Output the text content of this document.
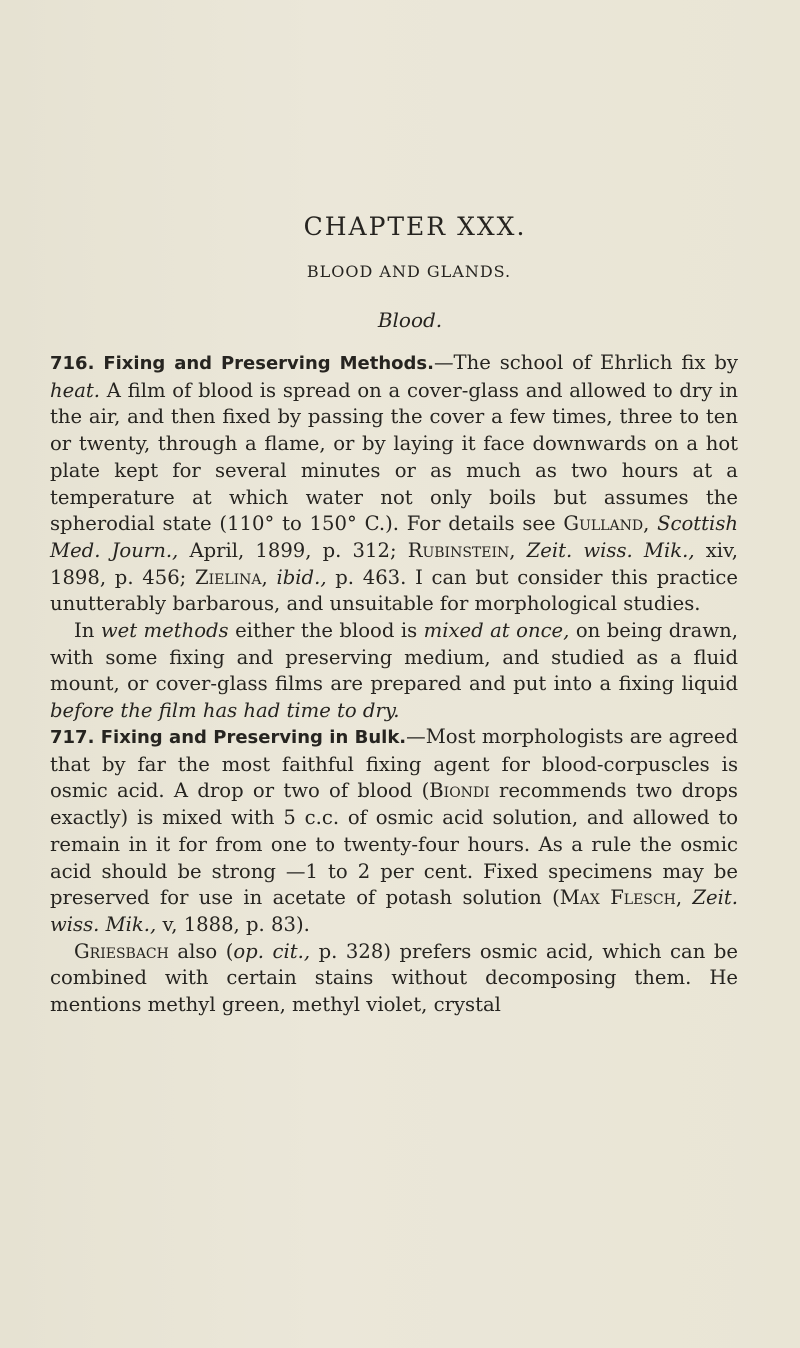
CHAPTER XXX.
BLOOD AND GLANDS.
Blood.

716. Fixing and Preserving Methods.—The school of Ehrlich fix by heat. A film of blood is spread on a cover-glass and allowed to dry in the air, and then fixed by passing the cover a few times, three to ten or twenty, through a flame, or by laying it face downwards on a hot plate kept for several minutes or as much as two hours at a temperature at which water not only boils but assumes the spherodial state (110° to 150° C.). For details see Gulland, Scottish Med. Journ., April, 1899, p. 312; Rubinstein, Zeit. wiss. Mik., xiv, 1898, p. 456; Zielina, ibid., p. 463. I can but consider this practice unutterably barbarous, and unsuitable for morphological studies.

In wet methods either the blood is mixed at once, on being drawn, with some fixing and preserving medium, and studied as a fluid mount, or cover-glass films are prepared and put into a fixing liquid before the film has had time to dry.

717. Fixing and Preserving in Bulk.—Most morphologists are agreed that by far the most faithful fixing agent for blood-corpuscles is osmic acid. A drop or two of blood (Biondi recommends two drops exactly) is mixed with 5 c.c. of osmic acid solution, and allowed to remain in it for from one to twenty-four hours. As a rule the osmic acid should be strong —1 to 2 per cent. Fixed specimens may be preserved for use in acetate of potash solution (Max Flesch, Zeit. wiss. Mik., v, 1888, p. 83).

Griesbach also (op. cit., p. 328) prefers osmic acid, which can be combined with certain stains without decomposing them. He mentions methyl green, methyl violet, crystal
